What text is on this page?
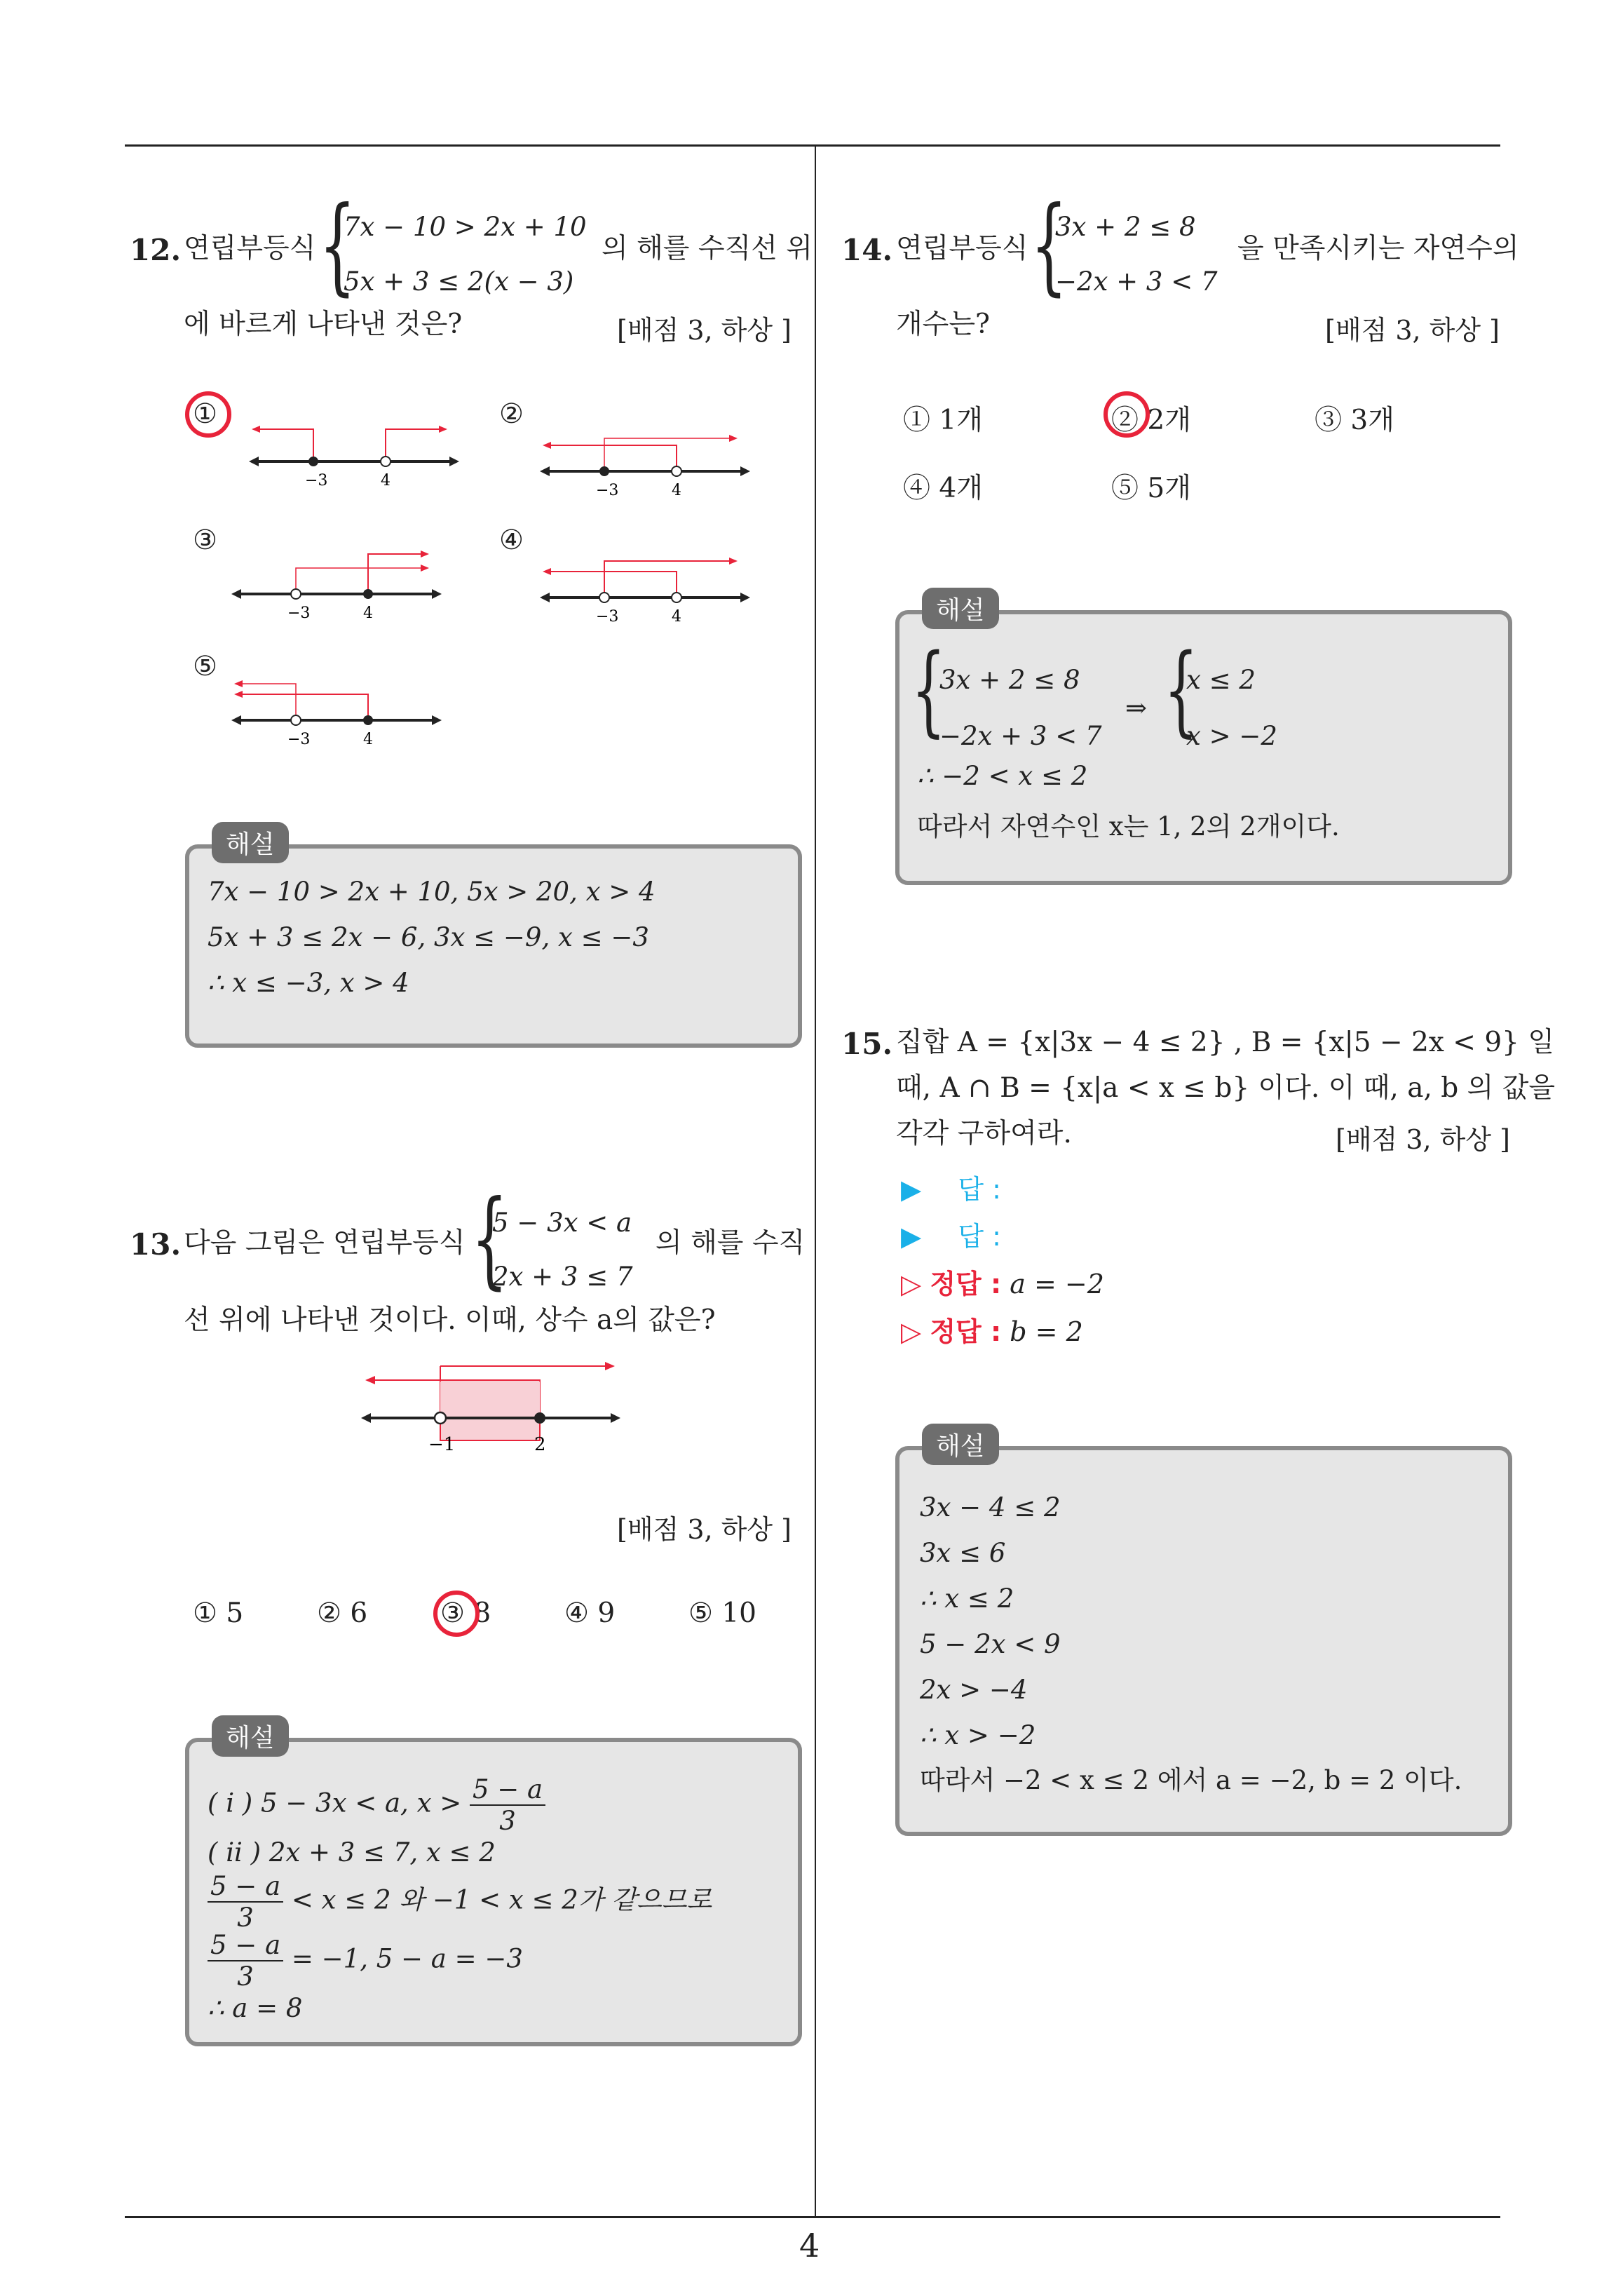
4
12. 연립부등식 {
7x − 10 > 2x + 10
5x + 3 ≤ 2(x − 3)
의 해를 수직선 위
에 바르게 나타낸 것은?	[배점 3, 하상 ]
①
−3	4
②
−3	4
③
−3	4
④
−3	4
⑤
−3	4
해설
7x − 10 > 2x + 10, 5x > 20, x > 4
5x + 3 ≤ 2x − 6, 3x ≤ −9, x ≤ −3
∴ x ≤ −3, x > 4
13. 다음 그림은 연립부등식 {
5 − 3x < a
2x + 3 ≤ 7
의 해를 수직
선 위에 나타낸 것이다. 이때, 상수 a의 값은?
−1	2
[배점 3, 하상 ]
① 5	② 6	③ 8	④ 9	⑤ 10
해설
( i ) 5 − 3x < a, $x > \frac{5 - a}{3}$
( ii ) 2x + 3 ≤ 7, x ≤ 2
$\frac{5 - a}{3} < x \le 2$ 와 −1 < x ≤ 2가 같으므로
$\frac{5 - a}{3} = -1$, 5 − a = −3
∴ a = 8
14. 연립부등식 {
3x + 2 ≤ 8
−2x + 3 < 7
을 만족시키는 자연수의
개수는?	[배점 3, 하상 ]
① 1개	② 2개	③ 3개
④ 4개	⑤ 5개
해설
{
3x + 2 ≤ 8
−2x + 3 < 7
⇒ {
x ≤ 2
x > −2
∴ −2 < x ≤ 2
따라서 자연수인 x는 1, 2의 2개이다.
15. 집합 A = {x|3x − 4 ≤ 2} , B = {x|5 − 2x < 9} 일
때, A ∩ B = {x|a < x ≤ b} 이다. 이 때, a, b 의 값을
각각 구하여라.	[배점 3, 하상 ]
▶ 답 :
▶ 답 :
▷ 정답 : a = −2
▷ 정답 : b = 2
해설
3x − 4 ≤ 2
3x ≤ 6
∴ x ≤ 2
5 − 2x < 9
2x > −4
∴ x > −2
따라서 −2 < x ≤ 2 에서 a = −2, b = 2 이다.
